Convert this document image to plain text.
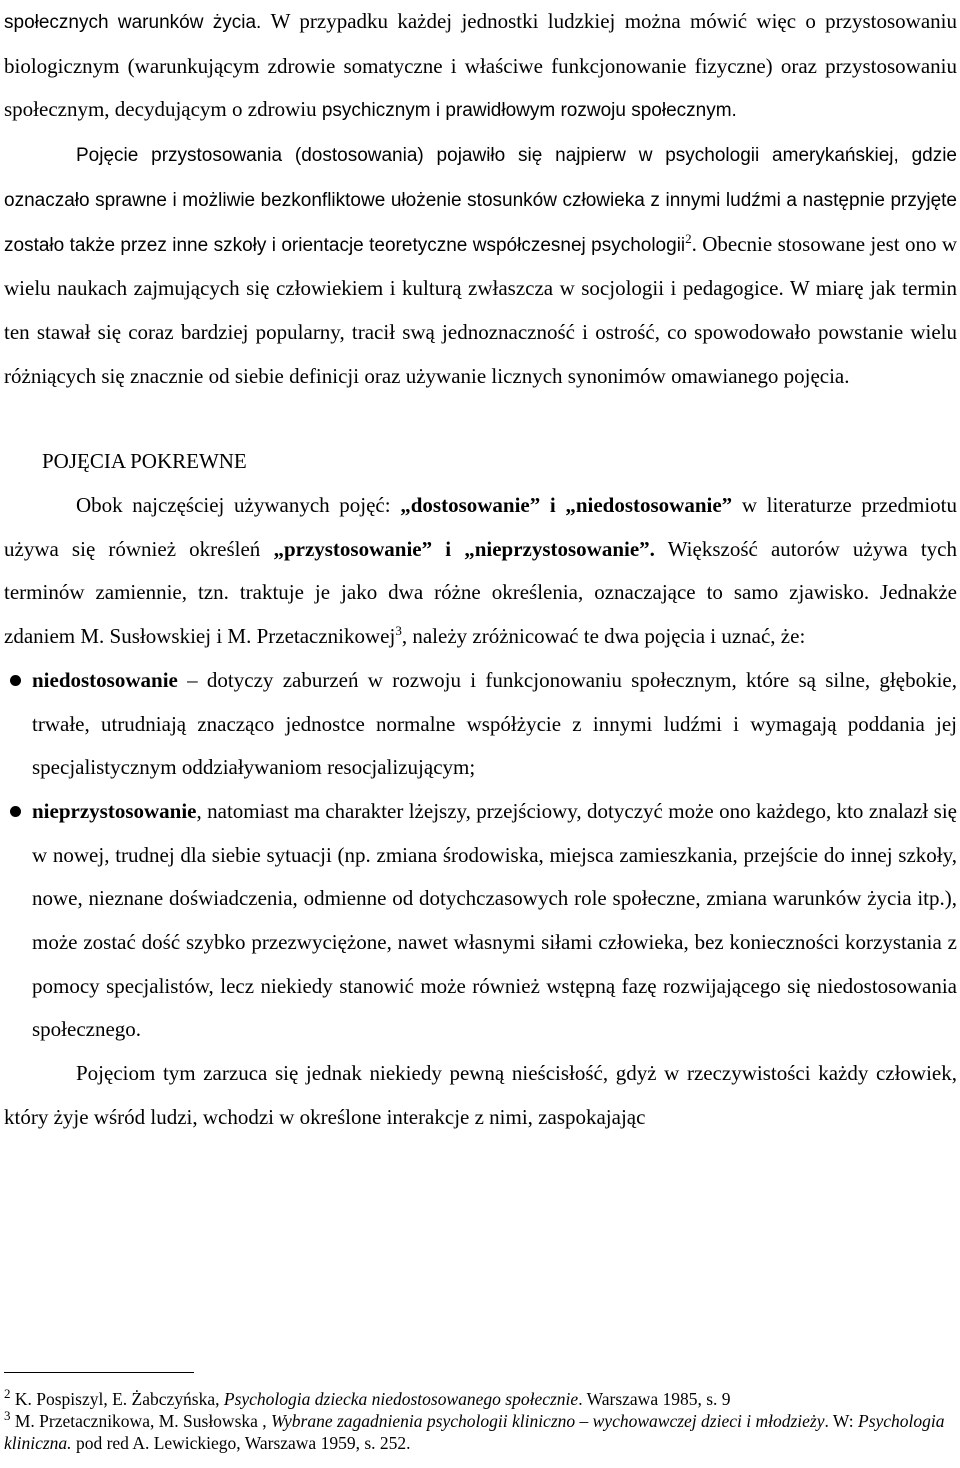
społecznych warunków życia. W przypadku każdej jednostki ludzkiej można mówić więc o przystosowaniu biologicznym (warunkującym zdrowie somatyczne i właściwe funkcjonowanie fizyczne) oraz przystosowaniu społecznym, decydującym o zdrowiu psychicznym i prawidłowym rozwoju społecznym.

Pojęcie przystosowania (dostosowania) pojawiło się najpierw w psychologii amerykańskiej, gdzie oznaczało sprawne i możliwie bezkonfliktowe ułożenie stosunków człowieka z innymi ludźmi a następnie przyjęte zostało także przez inne szkoły i orientacje teoretyczne współczesnej psychologii$^2$. Obecnie stosowane jest ono w wielu naukach zajmujących się człowiekiem i kulturą zwłaszcza w socjologii i pedagogice. W miarę jak termin ten stawał się coraz bardziej popularny, tracił swą jednoznaczność i ostrość, co spowodowało powstanie wielu różniących się znacznie od siebie definicji oraz używanie licznych synonimów omawianego pojęcia.

POJĘCIA POKREWNE

Obok najczęściej używanych pojęć: „dostosowanie” i „niedostosowanie” w literaturze przedmiotu używa się również określeń „przystosowanie” i „nieprzystosowanie”. Większość autorów używa tych terminów zamiennie, tzn. traktuje je jako dwa różne określenia, oznaczające to samo zjawisko. Jednakże zdaniem M. Susłowskiej i M. Przetacznikowej$^3$, należy zróżnicować te dwa pojęcia i uznać, że:

niedostosowanie – dotyczy zaburzeń w rozwoju i funkcjonowaniu społecznym, które są silne, głębokie, trwałe, utrudniają znacząco jednostce normalne współżycie z innymi ludźmi i wymagają poddania jej specjalistycznym oddziaływaniom resocjalizującym;
nieprzystosowanie, natomiast ma charakter lżejszy, przejściowy, dotyczyć może ono każdego, kto znalazł się w nowej, trudnej dla siebie sytuacji (np. zmiana środowiska, miejsca zamieszkania, przejście do innej szkoły, nowe, nieznane doświadczenia, odmienne od dotychczasowych role społeczne, zmiana warunków życia itp.), może zostać dość szybko przezwyciężone, nawet własnymi siłami człowieka, bez konieczności korzystania z pomocy specjalistów, lecz niekiedy stanowić może również wstępną fazę rozwijającego się niedostosowania społecznego.

Pojęciom tym zarzuca się jednak niekiedy pewną nieścisłość, gdyż w rzeczywistości każdy człowiek, który żyje wśród ludzi, wchodzi w określone interakcje z nimi, zaspokajając

$^2$ K. Pospiszyl, E. Żabczyńska, Psychologia dziecka niedostosowanego społecznie. Warszawa 1985, s. 9

$^3$ M. Przetacznikowa, M. Susłowska , Wybrane zagadnienia psychologii kliniczno – wychowawczej dzieci i młodzieży. W: Psychologia kliniczna. pod red A. Lewickiego, Warszawa 1959, s. 252.
